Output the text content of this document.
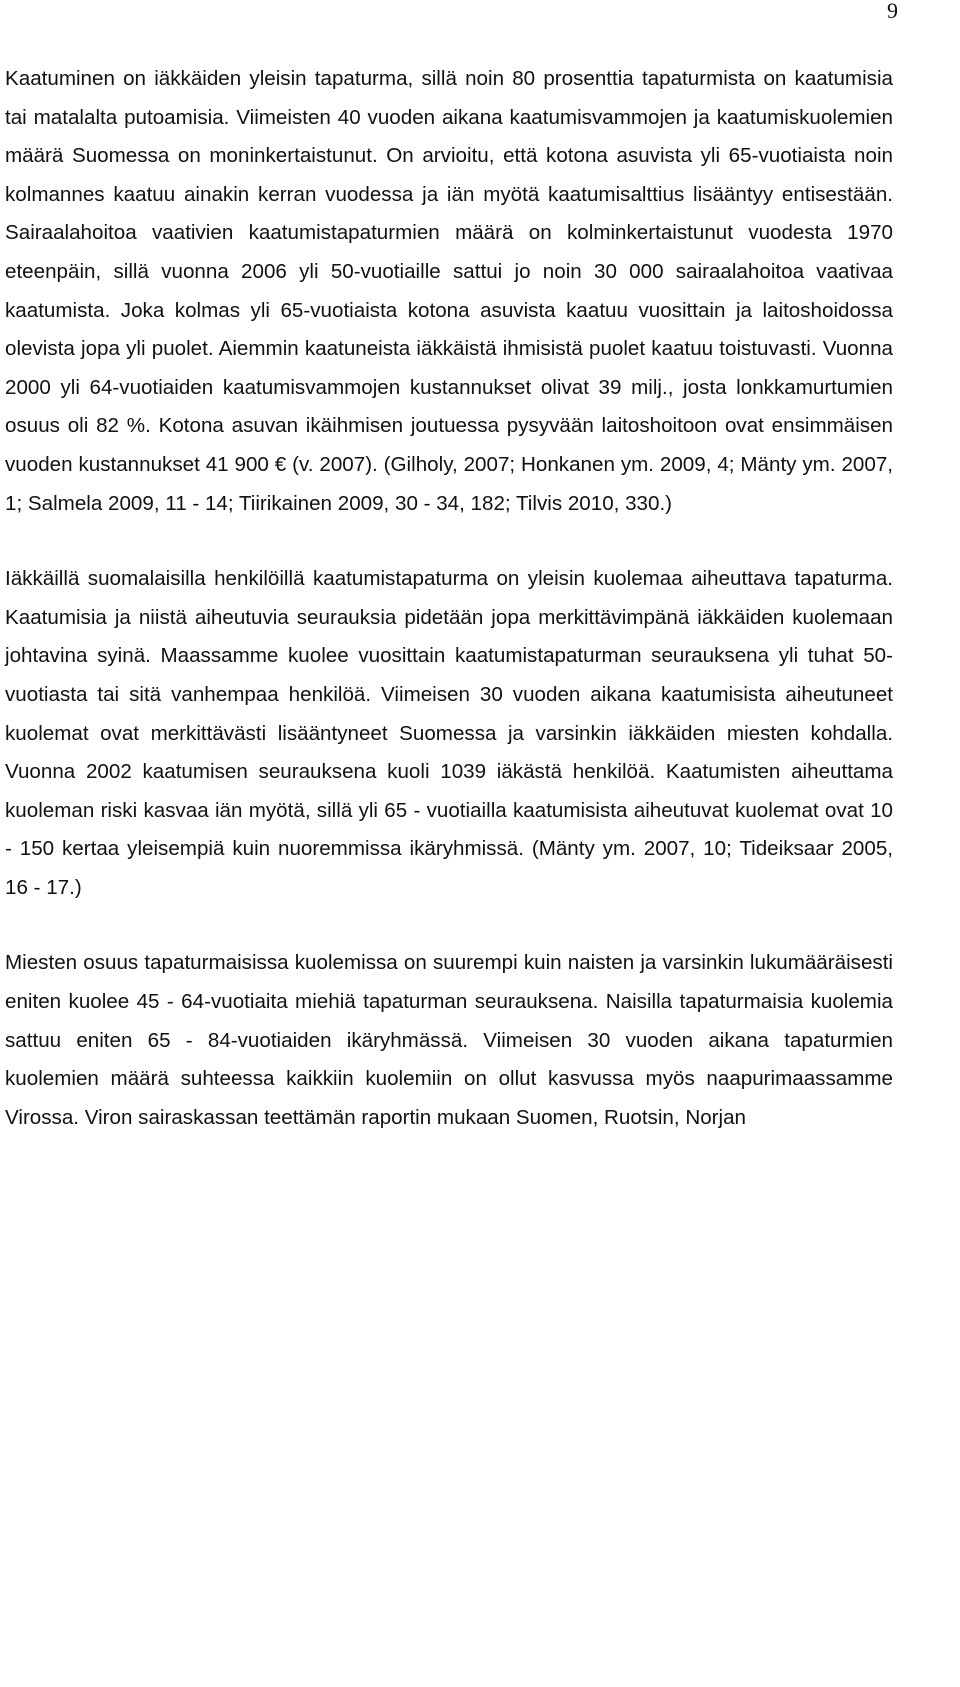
9

Kaatuminen on iäkkäiden yleisin tapaturma, sillä noin 80 prosenttia tapaturmista on kaatumisia tai matalalta putoamisia. Viimeisten 40 vuoden aikana kaatumisvammojen ja kaatumiskuolemien määrä Suomessa on moninkertaistunut. On arvioitu, että kotona asuvista yli 65-vuotiaista noin kolmannes kaatuu ainakin kerran vuodessa ja iän myötä kaatumisalttius lisääntyy entisestään. Sairaalahoitoa vaativien kaatumistapaturmien määrä on kolminkertaistunut vuodesta 1970 eteenpäin, sillä vuonna 2006 yli 50-vuotiaille sattui jo noin 30 000 sairaalahoitoa vaativaa kaatumista. Joka kolmas yli 65-vuotiaista kotona asuvista kaatuu vuosittain ja laitoshoidossa olevista jopa yli puolet. Aiemmin kaatuneista iäkkäistä ihmisistä puolet kaatuu toistuvasti. Vuonna 2000 yli 64-vuotiaiden kaatumisvammojen kustannukset olivat 39 milj., josta lonkkamurtumien osuus oli 82 %. Kotona asuvan ikäihmisen joutuessa pysyvään laitoshoitoon ovat ensimmäisen vuoden kustannukset 41 900 € (v. 2007). (Gilholy, 2007; Honkanen ym. 2009, 4; Mänty ym. 2007, 1; Salmela 2009, 11 - 14; Tiirikainen 2009, 30 - 34, 182; Tilvis 2010, 330.)

Iäkkäillä suomalaisilla henkilöillä kaatumistapaturma on yleisin kuolemaa aiheuttava tapaturma. Kaatumisia ja niistä aiheutuvia seurauksia pidetään jopa merkittävimpänä iäkkäiden kuolemaan johtavina syinä. Maassamme kuolee vuosittain kaatumistapaturman seurauksena yli tuhat 50-vuotiasta tai sitä vanhempaa henkilöä. Viimeisen 30 vuoden aikana kaatumisista aiheutuneet kuolemat ovat merkittävästi lisääntyneet Suomessa ja varsinkin iäkkäiden miesten kohdalla. Vuonna 2002 kaatumisen seurauksena kuoli 1039 iäkästä henkilöä. Kaatumisten aiheuttama kuoleman riski kasvaa iän myötä, sillä yli 65 - vuotiailla kaatumisista aiheutuvat kuolemat ovat 10 - 150 kertaa yleisempiä kuin nuoremmissa ikäryhmissä. (Mänty ym. 2007, 10; Tideiksaar 2005, 16 - 17.)

Miesten osuus tapaturmaisissa kuolemissa on suurempi kuin naisten ja varsinkin lukumääräisesti eniten kuolee 45 - 64-vuotiaita miehiä tapaturman seurauksena. Naisilla tapaturmaisia kuolemia sattuu eniten 65 - 84-vuotiaiden ikäryhmässä. Viimeisen 30 vuoden aikana tapaturmien kuolemien määrä suhteessa kaikkiin kuolemiin on ollut kasvussa myös naapurimaassamme Virossa. Viron sairaskassan teettämän raportin mukaan Suomen, Ruotsin, Norjan
